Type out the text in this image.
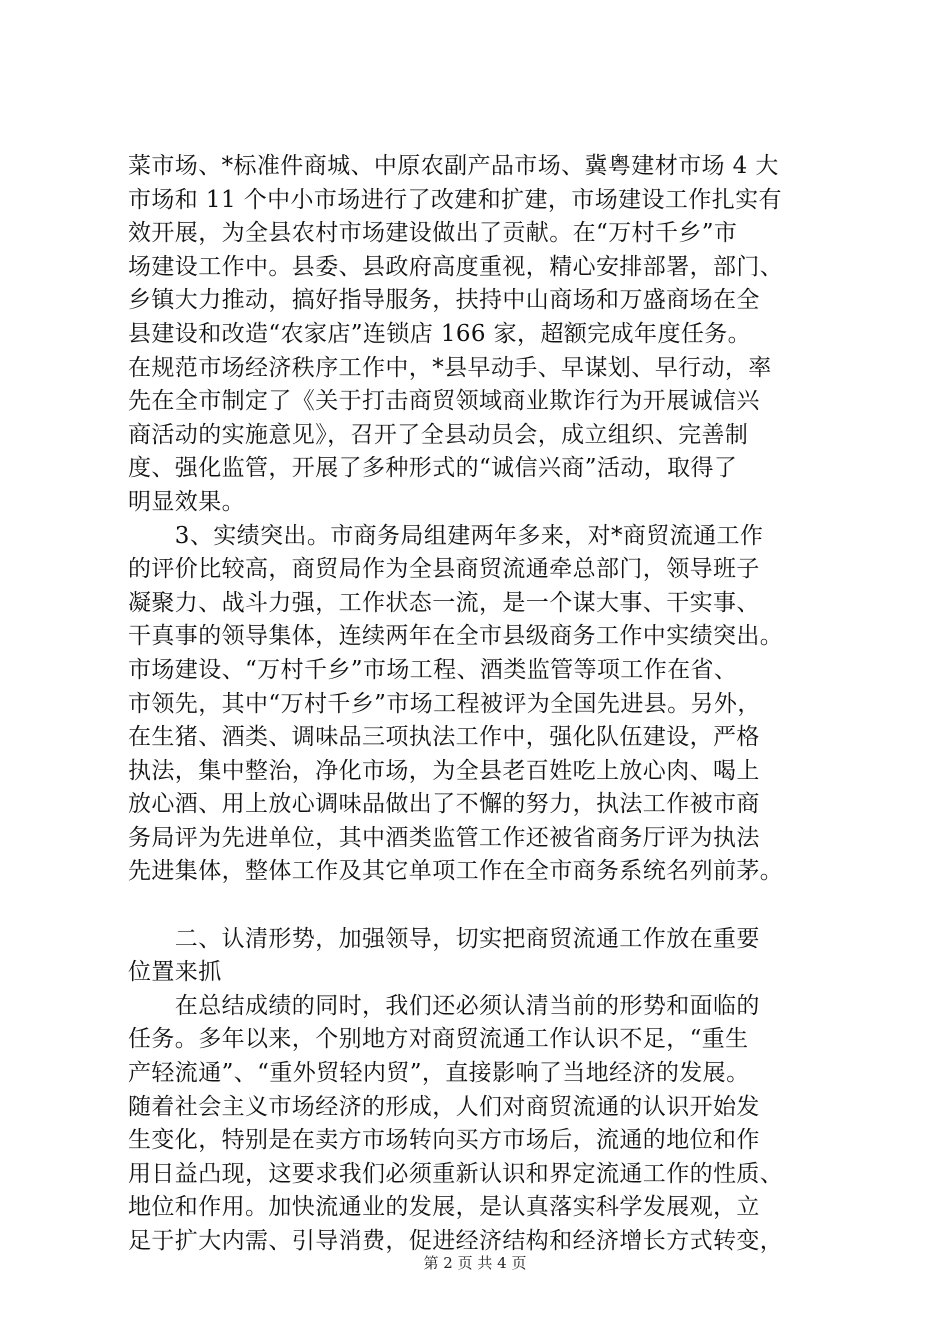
菜市场、*标准件商城、中原农副产品市场、冀粤建材市场 4 大
市场和 11 个中小市场进行了改建和扩建，市场建设工作扎实有
效开展，为全县农村市场建设做出了贡献。在“万村千乡”市
场建设工作中。县委、县政府高度重视，精心安排部署，部门、
乡镇大力推动，搞好指导服务，扶持中山商场和万盛商场在全
县建设和改造“农家店”连锁店 166 家，超额完成年度任务。
在规范市场经济秩序工作中，*县早动手、早谋划、早行动，率
先在全市制定了《关于打击商贸领域商业欺诈行为开展诚信兴
商活动的实施意见》，召开了全县动员会，成立组织、完善制
度、强化监管，开展了多种形式的“诚信兴商”活动，取得了
明显效果。
　　3、实绩突出。市商务局组建两年多来，对*商贸流通工作
的评价比较高，商贸局作为全县商贸流通牵总部门，领导班子
凝聚力、战斗力强，工作状态一流，是一个谋大事、干实事、
干真事的领导集体，连续两年在全市县级商务工作中实绩突出。
市场建设、“万村千乡”市场工程、酒类监管等项工作在省、
市领先，其中“万村千乡”市场工程被评为全国先进县。另外，
在生猪、酒类、调味品三项执法工作中，强化队伍建设，严格
执法，集中整治，净化市场，为全县老百姓吃上放心肉、喝上
放心酒、用上放心调味品做出了不懈的努力，执法工作被市商
务局评为先进单位，其中酒类监管工作还被省商务厅评为执法
先进集体，整体工作及其它单项工作在全市商务系统名列前茅。
　　二、认清形势，加强领导，切实把商贸流通工作放在重要
位置来抓
　　在总结成绩的同时，我们还必须认清当前的形势和面临的
任务。多年以来，个别地方对商贸流通工作认识不足，“重生
产轻流通”、“重外贸轻内贸”，直接影响了当地经济的发展。
随着社会主义市场经济的形成，人们对商贸流通的认识开始发
生变化，特别是在卖方市场转向买方市场后，流通的地位和作
用日益凸现，这要求我们必须重新认识和界定流通工作的性质、
地位和作用。加快流通业的发展，是认真落实科学发展观，立
足于扩大内需、引导消费，促进经济结构和经济增长方式转变，
第 2 页 共 4 页
